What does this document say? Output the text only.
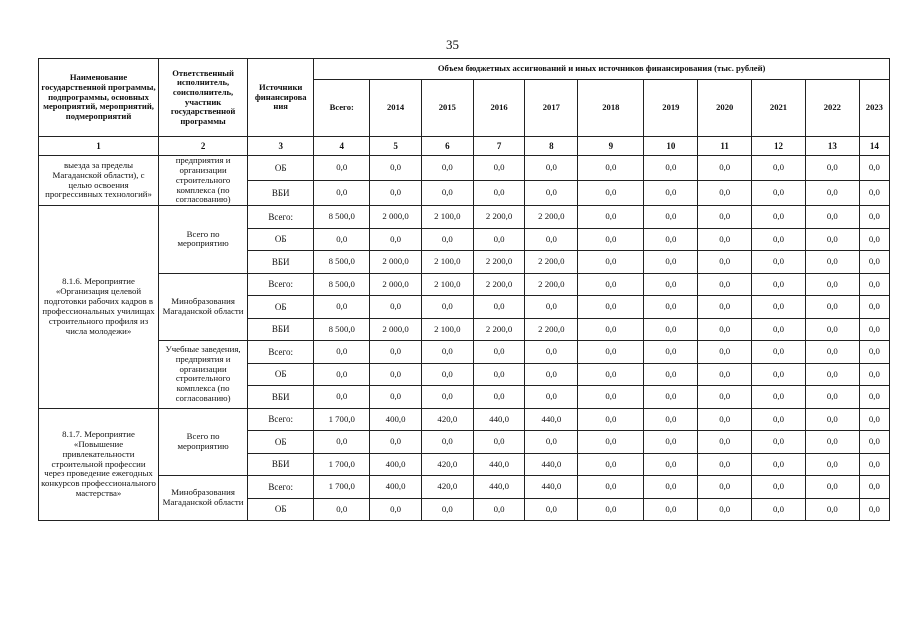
35
Наименование государственной программы, подпрограммы, основных мероприятий, мероприятий, подмероприятий	Ответственный исполнитель, соисполнитель, участник государственной программы	Источники финансирова ния	Объем бюджетных ассигнований и иных источников финансирования (тыс. рублей)										
			Всего:	2014	2015	2016	2017	2018	2019	2020	2021	2022	2023
1	2	3	4	5	6	7	8	9	10	11	12	13	14
выезда за пределы Магаданской области), с целью освоения прогрессивных технологий»	предприятия и организации строительного комплекса (по согласованию)	ОБ	0,0	0,0	0,0	0,0	0,0	0,0	0,0	0,0	0,0	0,0	0,0
		ВБИ	0,0	0,0	0,0	0,0	0,0	0,0	0,0	0,0	0,0	0,0	0,0
8.1.6. Мероприятие «Организация целевой подготовки рабочих кадров в профессиональных училищах строительного профиля из числа молодежи»	Всего по мероприятию	Всего:	8 500,0	2 000,0	2 100,0	2 200,0	2 200,0	0,0	0,0	0,0	0,0	0,0	0,0
		ОБ	0,0	0,0	0,0	0,0	0,0	0,0	0,0	0,0	0,0	0,0	0,0
		ВБИ	8 500,0	2 000,0	2 100,0	2 200,0	2 200,0	0,0	0,0	0,0	0,0	0,0	0,0
	Минобразования Магаданской области	Всего:	8 500,0	2 000,0	2 100,0	2 200,0	2 200,0	0,0	0,0	0,0	0,0	0,0	0,0
		ОБ	0,0	0,0	0,0	0,0	0,0	0,0	0,0	0,0	0,0	0,0	0,0
		ВБИ	8 500,0	2 000,0	2 100,0	2 200,0	2 200,0	0,0	0,0	0,0	0,0	0,0	0,0
	Учебные заведения, предприятия и организации строительного комплекса (по согласованию)	Всего:	0,0	0,0	0,0	0,0	0,0	0,0	0,0	0,0	0,0	0,0	0,0
		ОБ	0,0	0,0	0,0	0,0	0,0	0,0	0,0	0,0	0,0	0,0	0,0
		ВБИ	0,0	0,0	0,0	0,0	0,0	0,0	0,0	0,0	0,0	0,0	0,0
8.1.7. Мероприятие «Повышение привлекательности строительной профессии через проведение ежегодных конкурсов профессионального мастерства»	Всего по мероприятию	Всего:	1 700,0	400,0	420,0	440,0	440,0	0,0	0,0	0,0	0,0	0,0	0,0
		ОБ	0,0	0,0	0,0	0,0	0,0	0,0	0,0	0,0	0,0	0,0	0,0
		ВБИ	1 700,0	400,0	420,0	440,0	440,0	0,0	0,0	0,0	0,0	0,0	0,0
	Минобразования Магаданской области	Всего:	1 700,0	400,0	420,0	440,0	440,0	0,0	0,0	0,0	0,0	0,0	0,0
		ОБ	0,0	0,0	0,0	0,0	0,0	0,0	0,0	0,0	0,0	0,0	0,0
